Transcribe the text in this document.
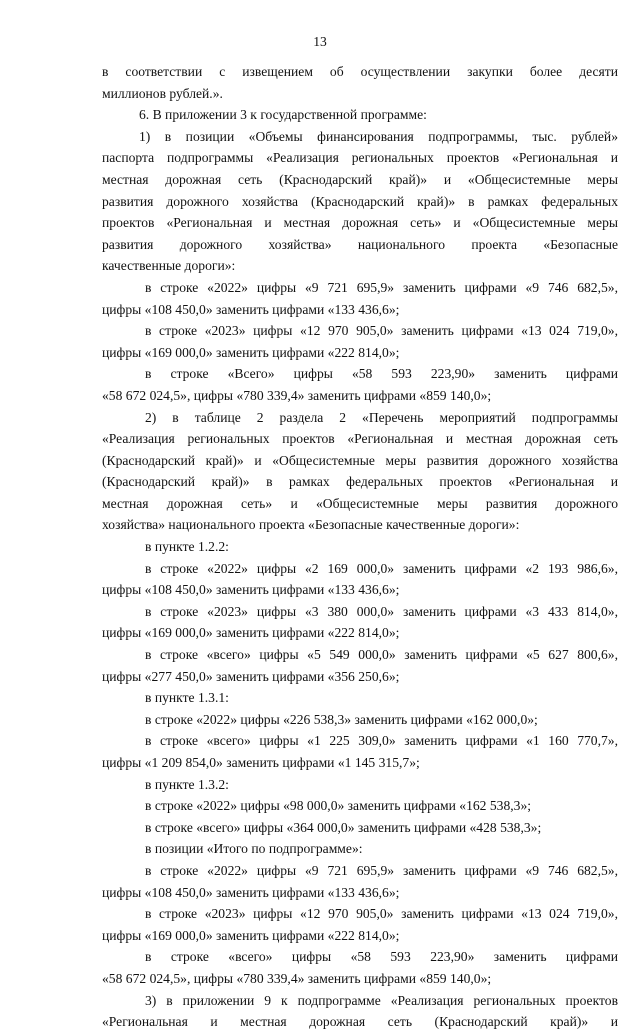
13
в соответствии с извещением об осуществлении закупки более десяти
миллионов рублей.».
6. В приложении 3 к государственной программе:
1) в позиции «Объемы финансирования подпрограммы, тыс. рублей»
паспорта подпрограммы «Реализация региональных проектов «Региональная и
местная дорожная сеть (Краснодарский край)» и «Общесистемные меры
развития дорожного хозяйства (Краснодарский край)» в рамках федеральных
проектов «Региональная и местная дорожная сеть» и «Общесистемные меры
развития дорожного хозяйства» национального проекта «Безопасные
качественные дороги»:
в строке «2022» цифры «9 721 695,9» заменить цифрами «9 746 682,5»,
цифры «108 450,0» заменить цифрами «133 436,6»;
в строке «2023» цифры «12 970 905,0» заменить цифрами «13 024 719,0»,
цифры «169 000,0» заменить цифрами «222 814,0»;
в строке «Всего» цифры «58 593 223,90» заменить цифрами
«58 672 024,5», цифры «780 339,4» заменить цифрами «859 140,0»;
2) в таблице 2 раздела 2 «Перечень мероприятий подпрограммы
«Реализация региональных проектов «Региональная и местная дорожная сеть
(Краснодарский край)» и «Общесистемные меры развития дорожного хозяйства
(Краснодарский край)» в рамках федеральных проектов «Региональная и
местная дорожная сеть» и «Общесистемные меры развития дорожного
хозяйства» национального проекта «Безопасные качественные дороги»:
в пункте 1.2.2:
в строке «2022» цифры «2 169 000,0» заменить цифрами «2 193 986,6»,
цифры «108 450,0» заменить цифрами «133 436,6»;
в строке «2023» цифры «3 380 000,0» заменить цифрами «3 433 814,0»,
цифры «169 000,0» заменить цифрами «222 814,0»;
в строке «всего» цифры «5 549 000,0» заменить цифрами «5 627 800,6»,
цифры «277 450,0» заменить цифрами «356 250,6»;
в пункте 1.3.1:
в строке «2022» цифры «226 538,3» заменить цифрами «162 000,0»;
в строке «всего» цифры «1 225 309,0» заменить цифрами «1 160 770,7»,
цифры «1 209 854,0» заменить цифрами «1 145 315,7»;
в пункте 1.3.2:
в строке «2022» цифры «98 000,0» заменить цифрами «162 538,3»;
в строке «всего» цифры «364 000,0» заменить цифрами «428 538,3»;
в позиции «Итого по подпрограмме»:
в строке «2022» цифры «9 721 695,9» заменить цифрами «9 746 682,5»,
цифры «108 450,0» заменить цифрами «133 436,6»;
в строке «2023» цифры «12 970 905,0» заменить цифрами «13 024 719,0»,
цифры «169 000,0» заменить цифрами «222 814,0»;
в строке «всего» цифры «58 593 223,90» заменить цифрами
«58 672 024,5», цифры «780 339,4» заменить цифрами «859 140,0»;
3) в приложении 9 к подпрограмме «Реализация региональных проектов
«Региональная и местная дорожная сеть (Краснодарский край)» и
